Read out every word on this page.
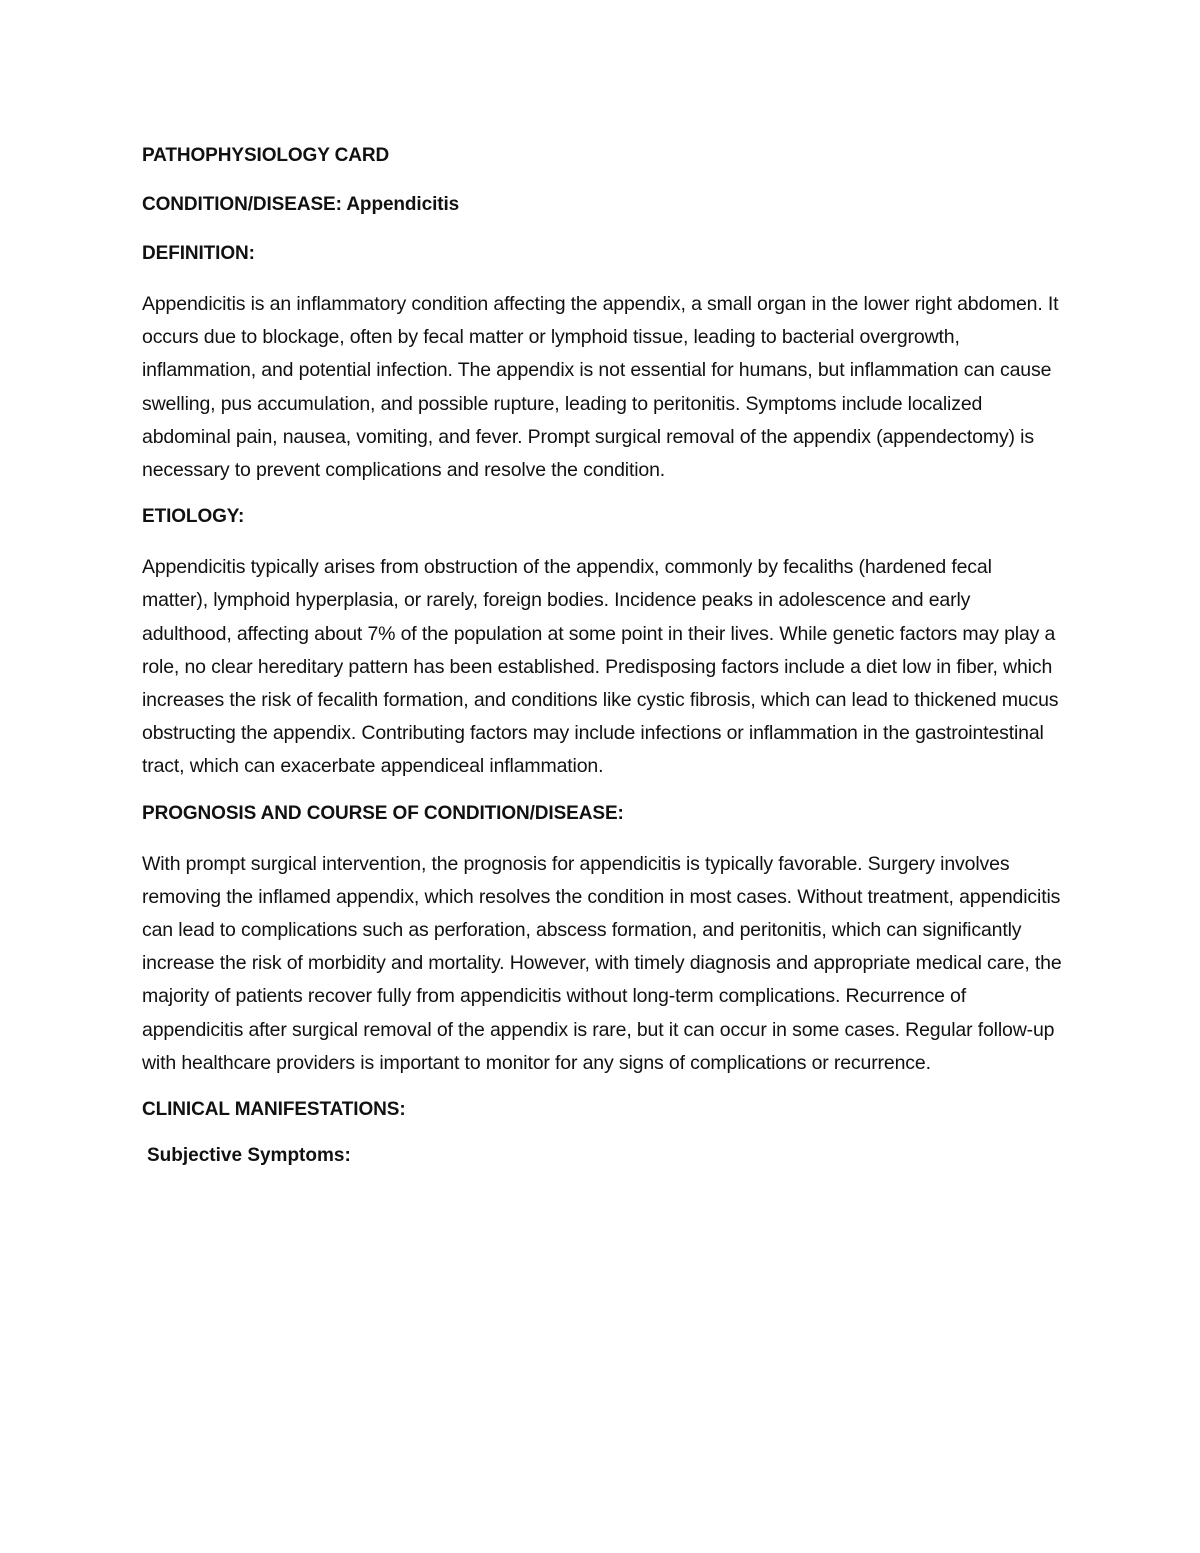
PATHOPHYSIOLOGY CARD

CONDITION/DISEASE: Appendicitis

DEFINITION:

Appendicitis is an inflammatory condition affecting the appendix, a small organ in the lower right abdomen. It occurs due to blockage, often by fecal matter or lymphoid tissue, leading to bacterial overgrowth, inflammation, and potential infection. The appendix is not essential for humans, but inflammation can cause swelling, pus accumulation, and possible rupture, leading to peritonitis. Symptoms include localized abdominal pain, nausea, vomiting, and fever. Prompt surgical removal of the appendix (appendectomy) is necessary to prevent complications and resolve the condition.

ETIOLOGY:

Appendicitis typically arises from obstruction of the appendix, commonly by fecaliths (hardened fecal matter), lymphoid hyperplasia, or rarely, foreign bodies. Incidence peaks in adolescence and early adulthood, affecting about 7% of the population at some point in their lives. While genetic factors may play a role, no clear hereditary pattern has been established. Predisposing factors include a diet low in fiber, which increases the risk of fecalith formation, and conditions like cystic fibrosis, which can lead to thickened mucus obstructing the appendix. Contributing factors may include infections or inflammation in the gastrointestinal tract, which can exacerbate appendiceal inflammation.

PROGNOSIS AND COURSE OF CONDITION/DISEASE:

With prompt surgical intervention, the prognosis for appendicitis is typically favorable. Surgery involves removing the inflamed appendix, which resolves the condition in most cases. Without treatment, appendicitis can lead to complications such as perforation, abscess formation, and peritonitis, which can significantly increase the risk of morbidity and mortality. However, with timely diagnosis and appropriate medical care, the majority of patients recover fully from appendicitis without long-term complications. Recurrence of appendicitis after surgical removal of the appendix is rare, but it can occur in some cases. Regular follow-up with healthcare providers is important to monitor for any signs of complications or recurrence.

CLINICAL MANIFESTATIONS:

Subjective Symptoms:
